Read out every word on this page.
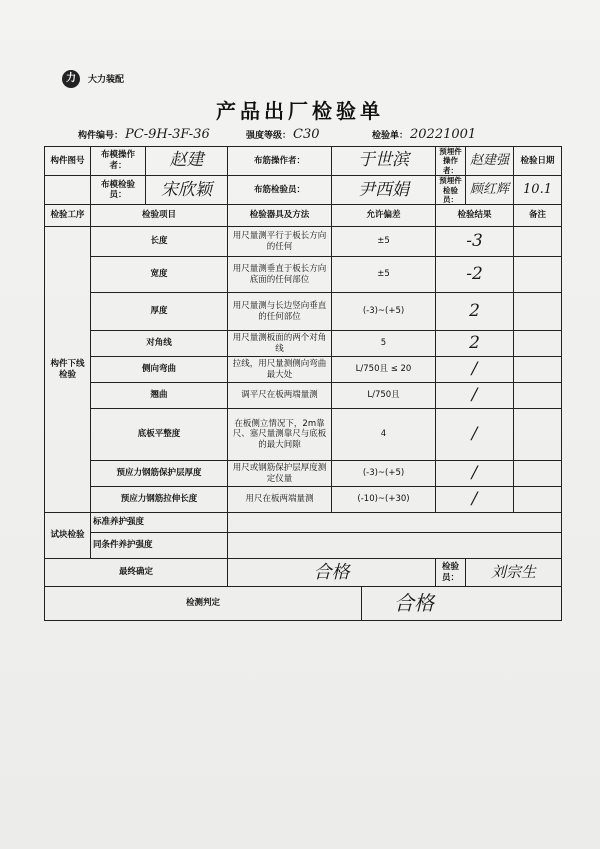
力	大力装配
产品出厂检验单
构件编号： PC-9H-3F-36	强度等级： C30	检验单： 20221001
构件图号	布模操作者：	赵建	布筋操作者：	于世滨		预埋件操作者：	赵建强	检验日期
	布模检验员：	宋欣颖	布筋检验员：	尹西娟		预埋件检验员：	顾红辉	10.1
检验工序	检验项目		检验器具及方法	允许偏差		检验结果		备注
构件下线检验	长度		用尺量测平行于板长方向的任何	±5		-3		
	宽度		用尺量测垂直于板长方向底面的任何部位	±5		-2		
	厚度		用尺量测与长边竖向垂直的任何部位	(-3)~(+5)		2		
	对角线		用尺量测板面的两个对角线	5		2		
	侧向弯曲		拉线，用尺量测侧向弯曲最大处	L/750且 ≤ 20		/		
	翘曲		调平尺在板两端量测	L/750且		/		
	底板平整度		在板侧立情况下，2m靠尺、塞尺量测靠尺与底板的最大间隙	4		/		
	预应力钢筋保护层厚度		用尺或钢筋保护层厚度测定仪量	(-3)~(+5)		/		
	预应力钢筋拉伸长度		用尺在板两端量测	(-10)~(+30)		/		
试块检验	标准养护强度							
	同条件养护强度							
最终确定			合格			检验员：	刘宗生	
检测判定					合格			
